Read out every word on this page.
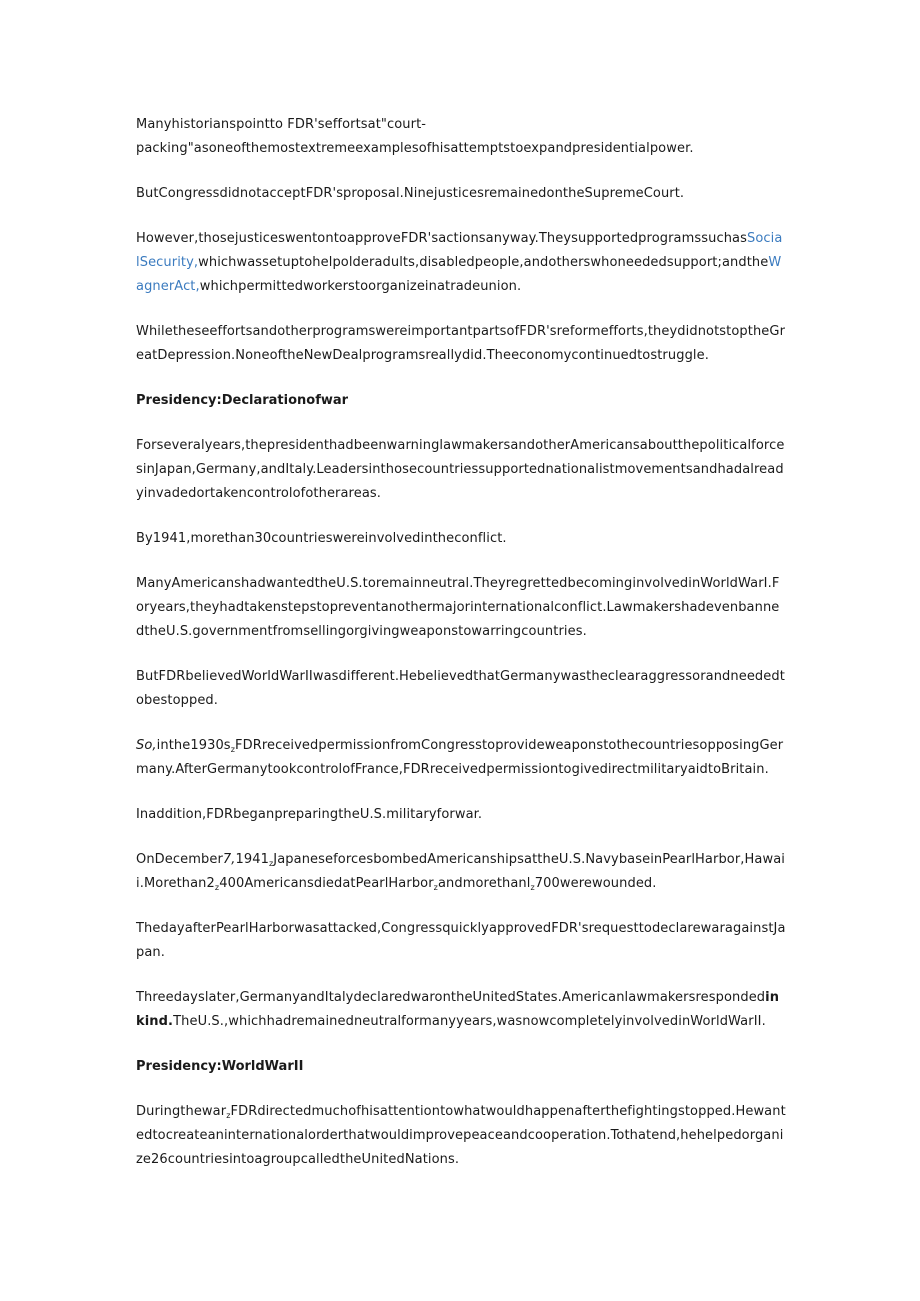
Manyhistorianspointto FDR'seffortsat"court-packing"asoneofthemostextremeexamplesofhisattemptstoexpandpresidentialpower.

ButCongressdidnotacceptFDR'sproposal.NinejusticesremainedontheSupremeCourt.

However,thosejusticeswentontoapproveFDR'sactionsanyway.TheysupportedprogramssuchasSocialSecurity,whichwassetuptohelpolderadults,disabledpeople,andotherswhoneededsupport;andtheWagnerAct,whichpermittedworkerstoorganizeinatradeunion.

WhiletheseeffortsandotherprogramswereimportantpartsofFDR'sreformefforts,theydidnotstoptheGreatDepression.NoneoftheNewDealprogramsreallydid.Theeconomycontinuedtostruggle.

Presidency:Declarationofwar

Forseveralyears,thepresidenthadbeenwarninglawmakersandotherAmericansaboutthepoliticalforcesinJapan,Germany,andItaly.Leadersinthosecountriessupportednationalistmovementsandhadalreadyinvadedortakencontrolofotherareas.

By1941,morethan30countrieswereinvolvedintheconflict.

ManyAmericanshadwantedtheU.S.toremainneutral.TheyregrettedbecominginvolvedinWorldWarI.Foryears,theyhadtakenstepstopreventanothermajorinternationalconflict.LawmakershadevenbannedtheU.S.governmentfromsellingorgivingweaponstowarringcountries.

ButFDRbelievedWorldWarIIwasdifferent.HebelievedthatGermanywastheclearaggressorandneededtobestopped.

$So,inthe1930s_zFDRreceivedpermissionfromCongresstoprovideweaponstothecountriesopposingGermany.AfterGermanytookcontrolofFr$ance,FDRreceivedpermissiontogivedirectmilitaryaidtoBritain.

Inaddition,FDRbeganpreparingtheU.S.militaryforwar.

$OnDecember7,1941_zJapaneseforcesbombedAmericanshipsattheU.S.NavybaseinPearlHarbor,Hawaii.Morethan2_z400AmericansdiedatPear$lHarbor$_z$andmorethanl$_z$700werewounded.

ThedayafterPearlHarborwasattacked,CongressquicklyapprovedFDR'srequesttodeclarewaragainstJapan.

Threedayslater,GermanyandItalydeclaredwarontheUnitedStates.Americanlawmakersrespondedinkind.TheU.S.,whichhadremainedneutralformanyyears,wasnowcompletelyinvolvedinWorldWarII.

Presidency:WorldWarII

Duringthewar$_z$FDRdirectedmuchofhisattentiontowhatwouldhappenafterthefightingstopped.Hewantedtocreateaninternationalorderthatwouldimprovepeaceandcooperation.Tothatend,hehelpedorganize26countriesintoagroupcalledtheUnitedNations.
